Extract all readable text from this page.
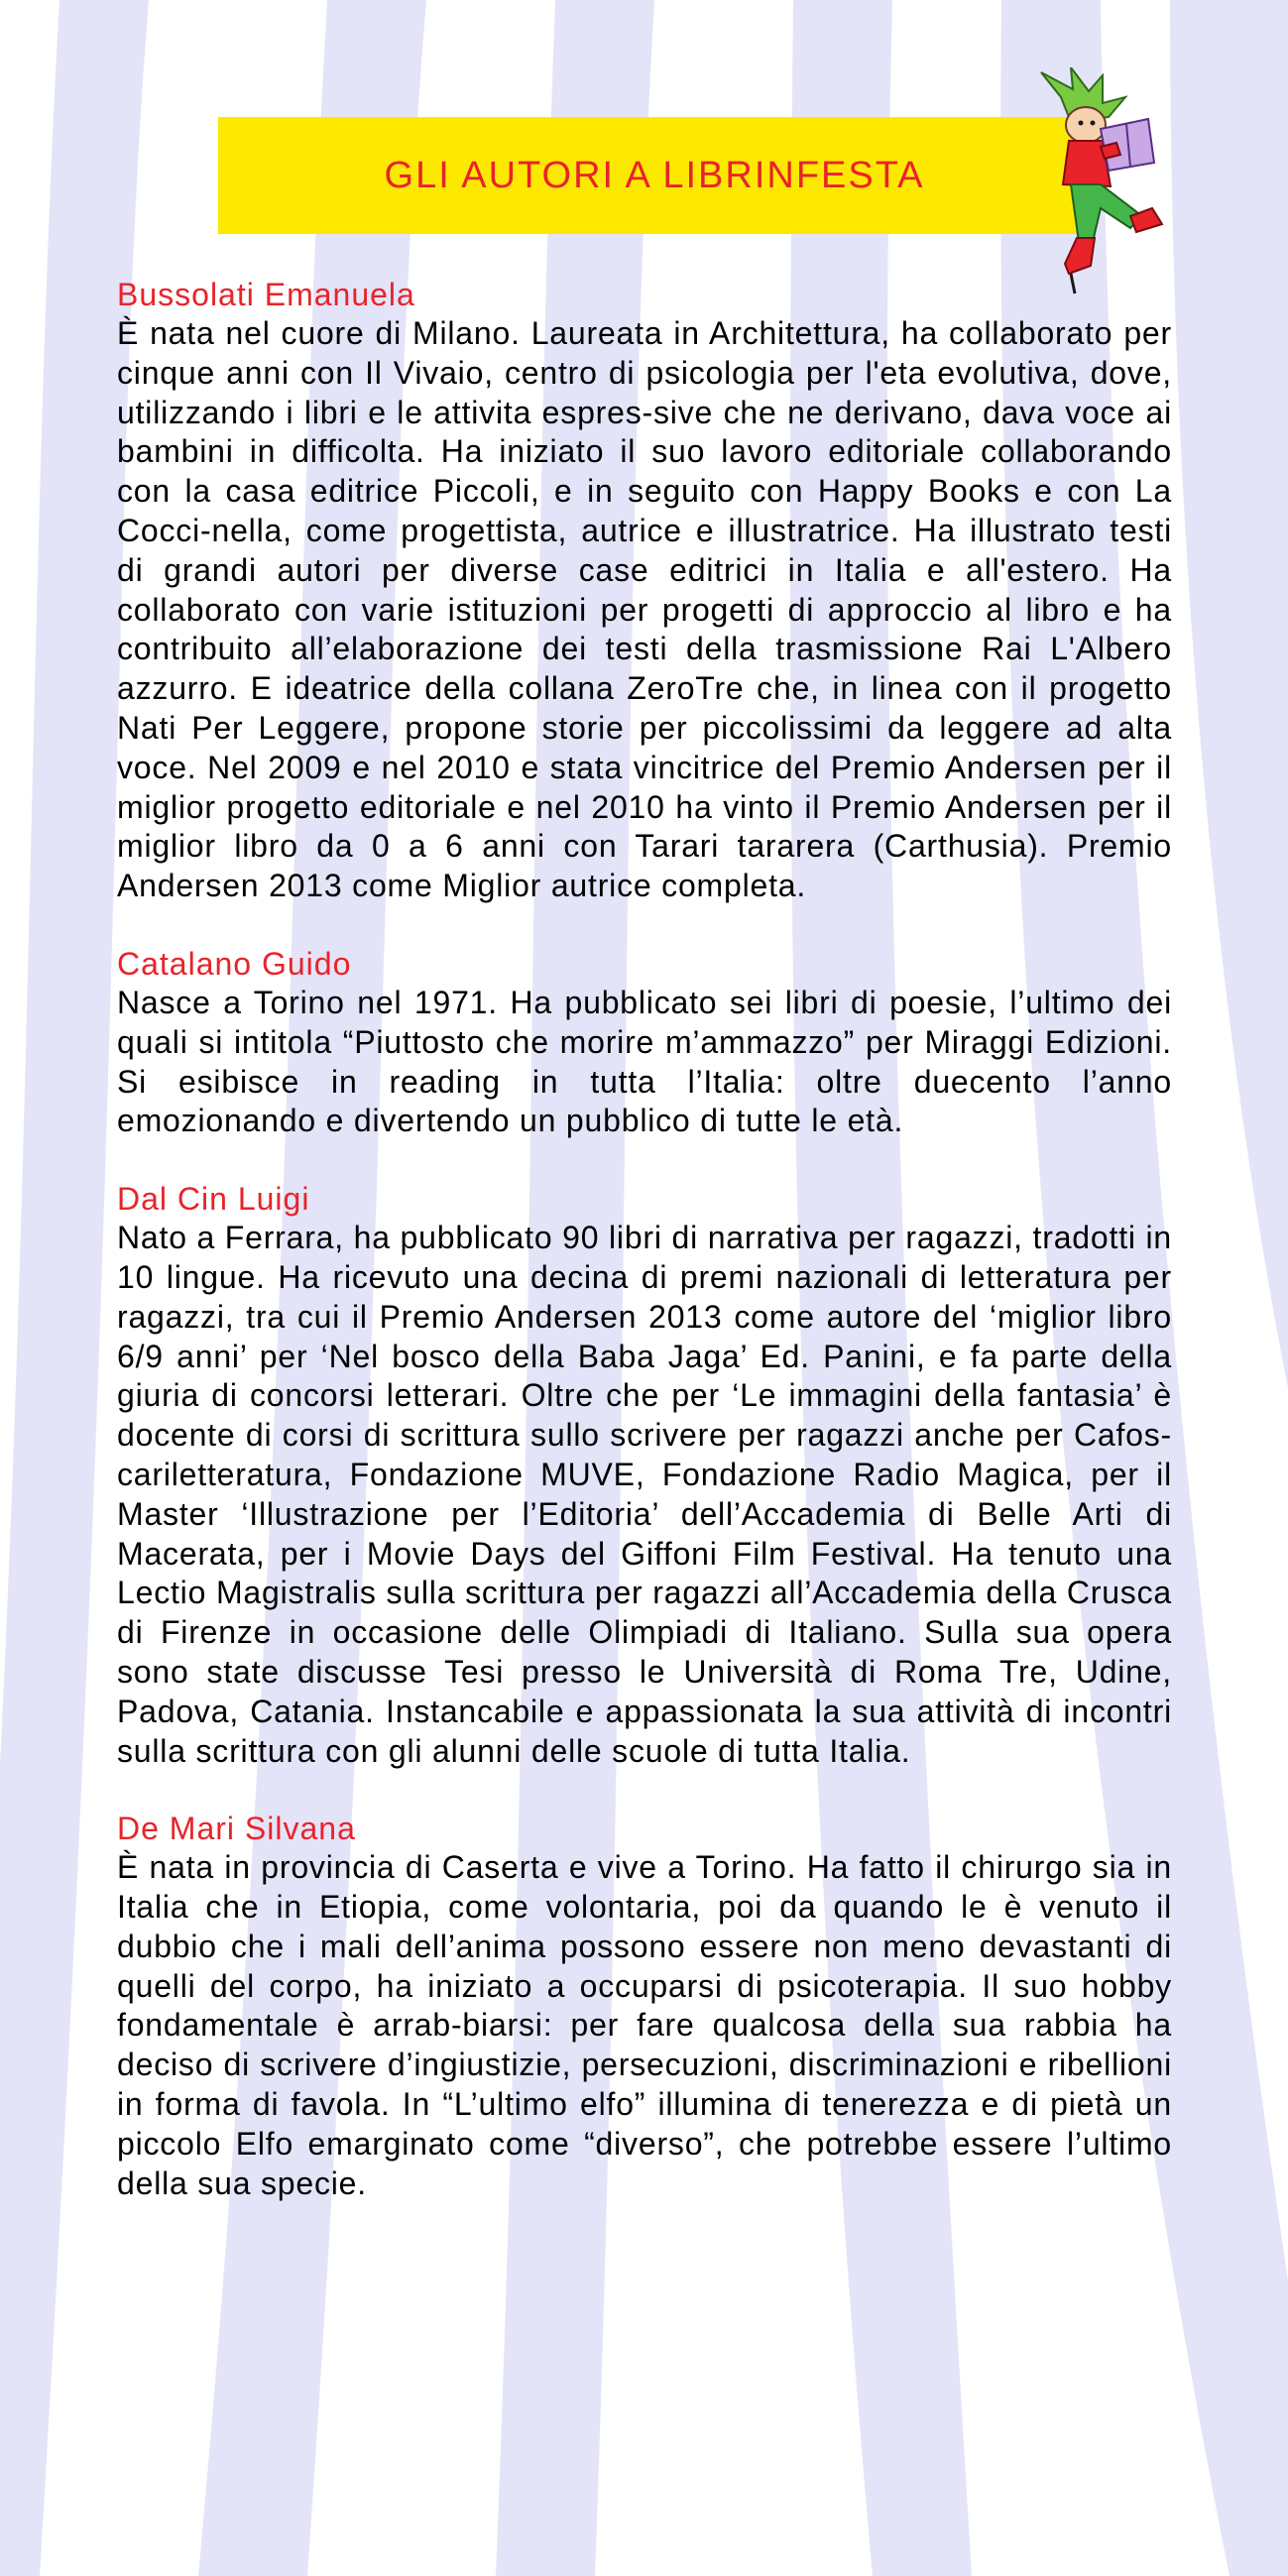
GLI AUTORI A LIBRINFESTA

Bussolati Emanuela

È nata nel cuore di Milano. Laureata in Architettura, ha collaborato per cinque anni con Il Vivaio, centro di psicologia per l'eta evolutiva, dove, utilizzando i libri e le attivita espres-sive che ne derivano, dava voce ai bambini in difficolta. Ha iniziato il suo lavoro editoriale collaborando con la casa editrice Piccoli, e in seguito con Happy Books e con La Cocci-nella, come progettista, autrice e illustratrice. Ha illustrato testi di grandi autori per diverse case editrici in Italia e all'estero. Ha collaborato con varie istituzioni per progetti di approccio al libro e ha contribuito all’elaborazione dei testi della trasmissione Rai L'Albero azzurro. E ideatrice della collana ZeroTre che, in linea con il progetto Nati Per Leggere, propone storie per piccolissimi da leggere ad alta voce. Nel 2009 e nel 2010 e stata vincitrice del Premio Andersen per il miglior progetto editoriale e nel 2010 ha vinto il Premio Andersen per il miglior libro da 0 a 6 anni con Tarari tararera (Carthusia). Premio Andersen 2013 come Miglior autrice completa.

Catalano Guido

Nasce a Torino nel 1971. Ha pubblicato sei libri di poesie, l’ultimo dei quali si intitola “Piuttosto che morire m’ammazzo” per Miraggi Edizioni. Si esibisce in reading in tutta l’Italia: oltre duecento l’anno emozionando e divertendo un pubblico di tutte le età.

Dal Cin Luigi

Nato a Ferrara, ha pubblicato 90 libri di narrativa per ragazzi, tradotti in 10 lingue. Ha ricevuto una decina di premi nazionali di letteratura per ragazzi, tra cui il Premio Andersen 2013 come autore del ‘miglior libro 6/9 anni’ per ‘Nel bosco della Baba Jaga’ Ed. Panini, e fa parte della giuria di concorsi letterari. Oltre che per ‘Le immagini della fantasia’ è docente di corsi di scrittura sullo scrivere per ragazzi anche per Cafos-cariletteratura, Fondazione MUVE, Fondazione Radio Magica, per il Master ‘Illustrazione per l’Editoria’ dell’Accademia di Belle Arti di Macerata, per i Movie Days del Giffoni Film Festival. Ha tenuto una Lectio Magistralis sulla scrittura per ragazzi all’Accademia della Crusca di Firenze in occasione delle Olimpiadi di Italiano. Sulla sua opera sono state discusse Tesi presso le Università di Roma Tre, Udine, Padova, Catania. Instancabile e appassionata la sua attività di incontri sulla scrittura con gli alunni delle scuole di tutta Italia.

De Mari Silvana

È nata in provincia di Caserta e vive a Torino. Ha fatto il chirurgo sia in Italia che in Etiopia, come volontaria, poi da quando le è venuto il dubbio che i mali dell’anima possono essere non meno devastanti di quelli del corpo, ha iniziato a occuparsi di psicoterapia. Il suo hobby fondamentale è arrab-biarsi: per fare qualcosa della sua rabbia ha deciso di scrivere d’ingiustizie, persecuzioni, discriminazioni e ribellioni in forma di favola. In “L’ultimo elfo” illumina di tenerezza e di pietà un piccolo Elfo emarginato come “diverso”, che potrebbe essere l’ultimo della sua specie.
